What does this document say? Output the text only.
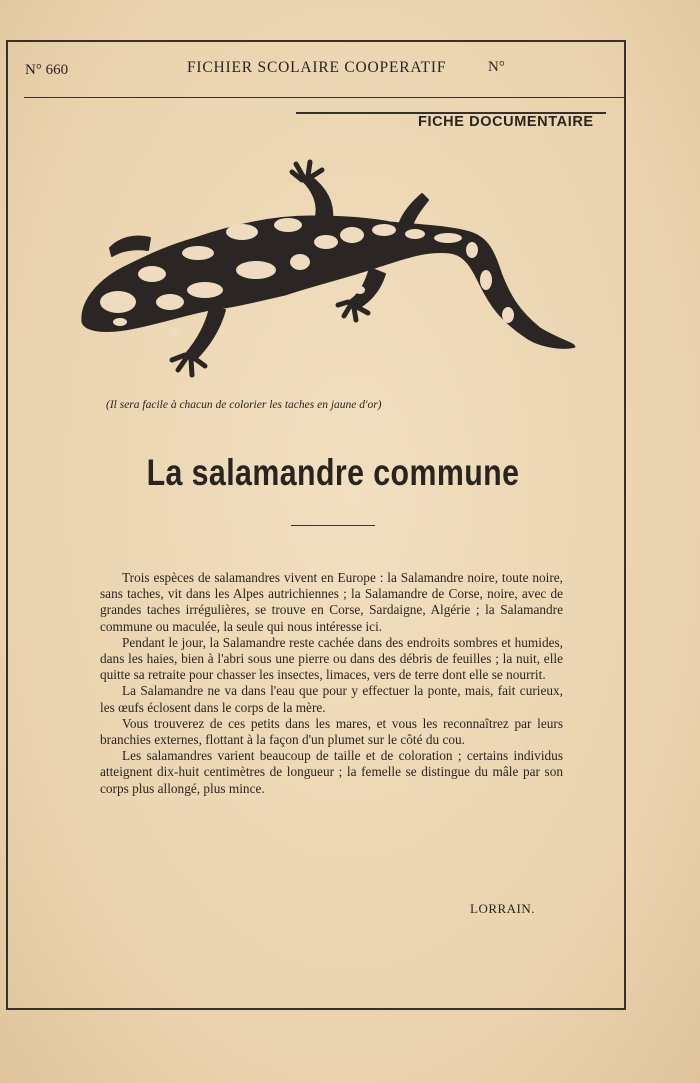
N° 660	FICHIER SCOLAIRE COOPERATIF	N°
FICHE DOCUMENTAIRE
(Il sera facile à chacun de colorier les taches en jaune d'or)
La salamandre commune

Trois espèces de salamandres vivent en Europe : la Salamandre noire, toute noire, sans taches, vit dans les Alpes autrichiennes ; la Salamandre de Corse, noire, avec de grandes taches irrégulières, se trouve en Corse, Sardaigne, Algérie ; la Salamandre commune ou maculée, la seule qui nous intéresse ici.

Pendant le jour, la Salamandre reste cachée dans des endroits sombres et humides, dans les haies, bien à l'abri sous une pierre ou dans des débris de feuilles ; la nuit, elle quitte sa retraite pour chasser les insectes, limaces, vers de terre dont elle se nourrit.

La Salamandre ne va dans l'eau que pour y effectuer la ponte, mais, fait curieux, les œufs éclosent dans le corps de la mère.

Vous trouverez de ces petits dans les mares, et vous les reconnaîtrez par leurs branchies externes, flottant à la façon d'un plumet sur le côté du cou.

Les salamandres varient beaucoup de taille et de coloration ; certains individus atteignent dix-huit centimètres de longueur ; la femelle se distingue du mâle par son corps plus allongé, plus mince.

LORRAIN.
